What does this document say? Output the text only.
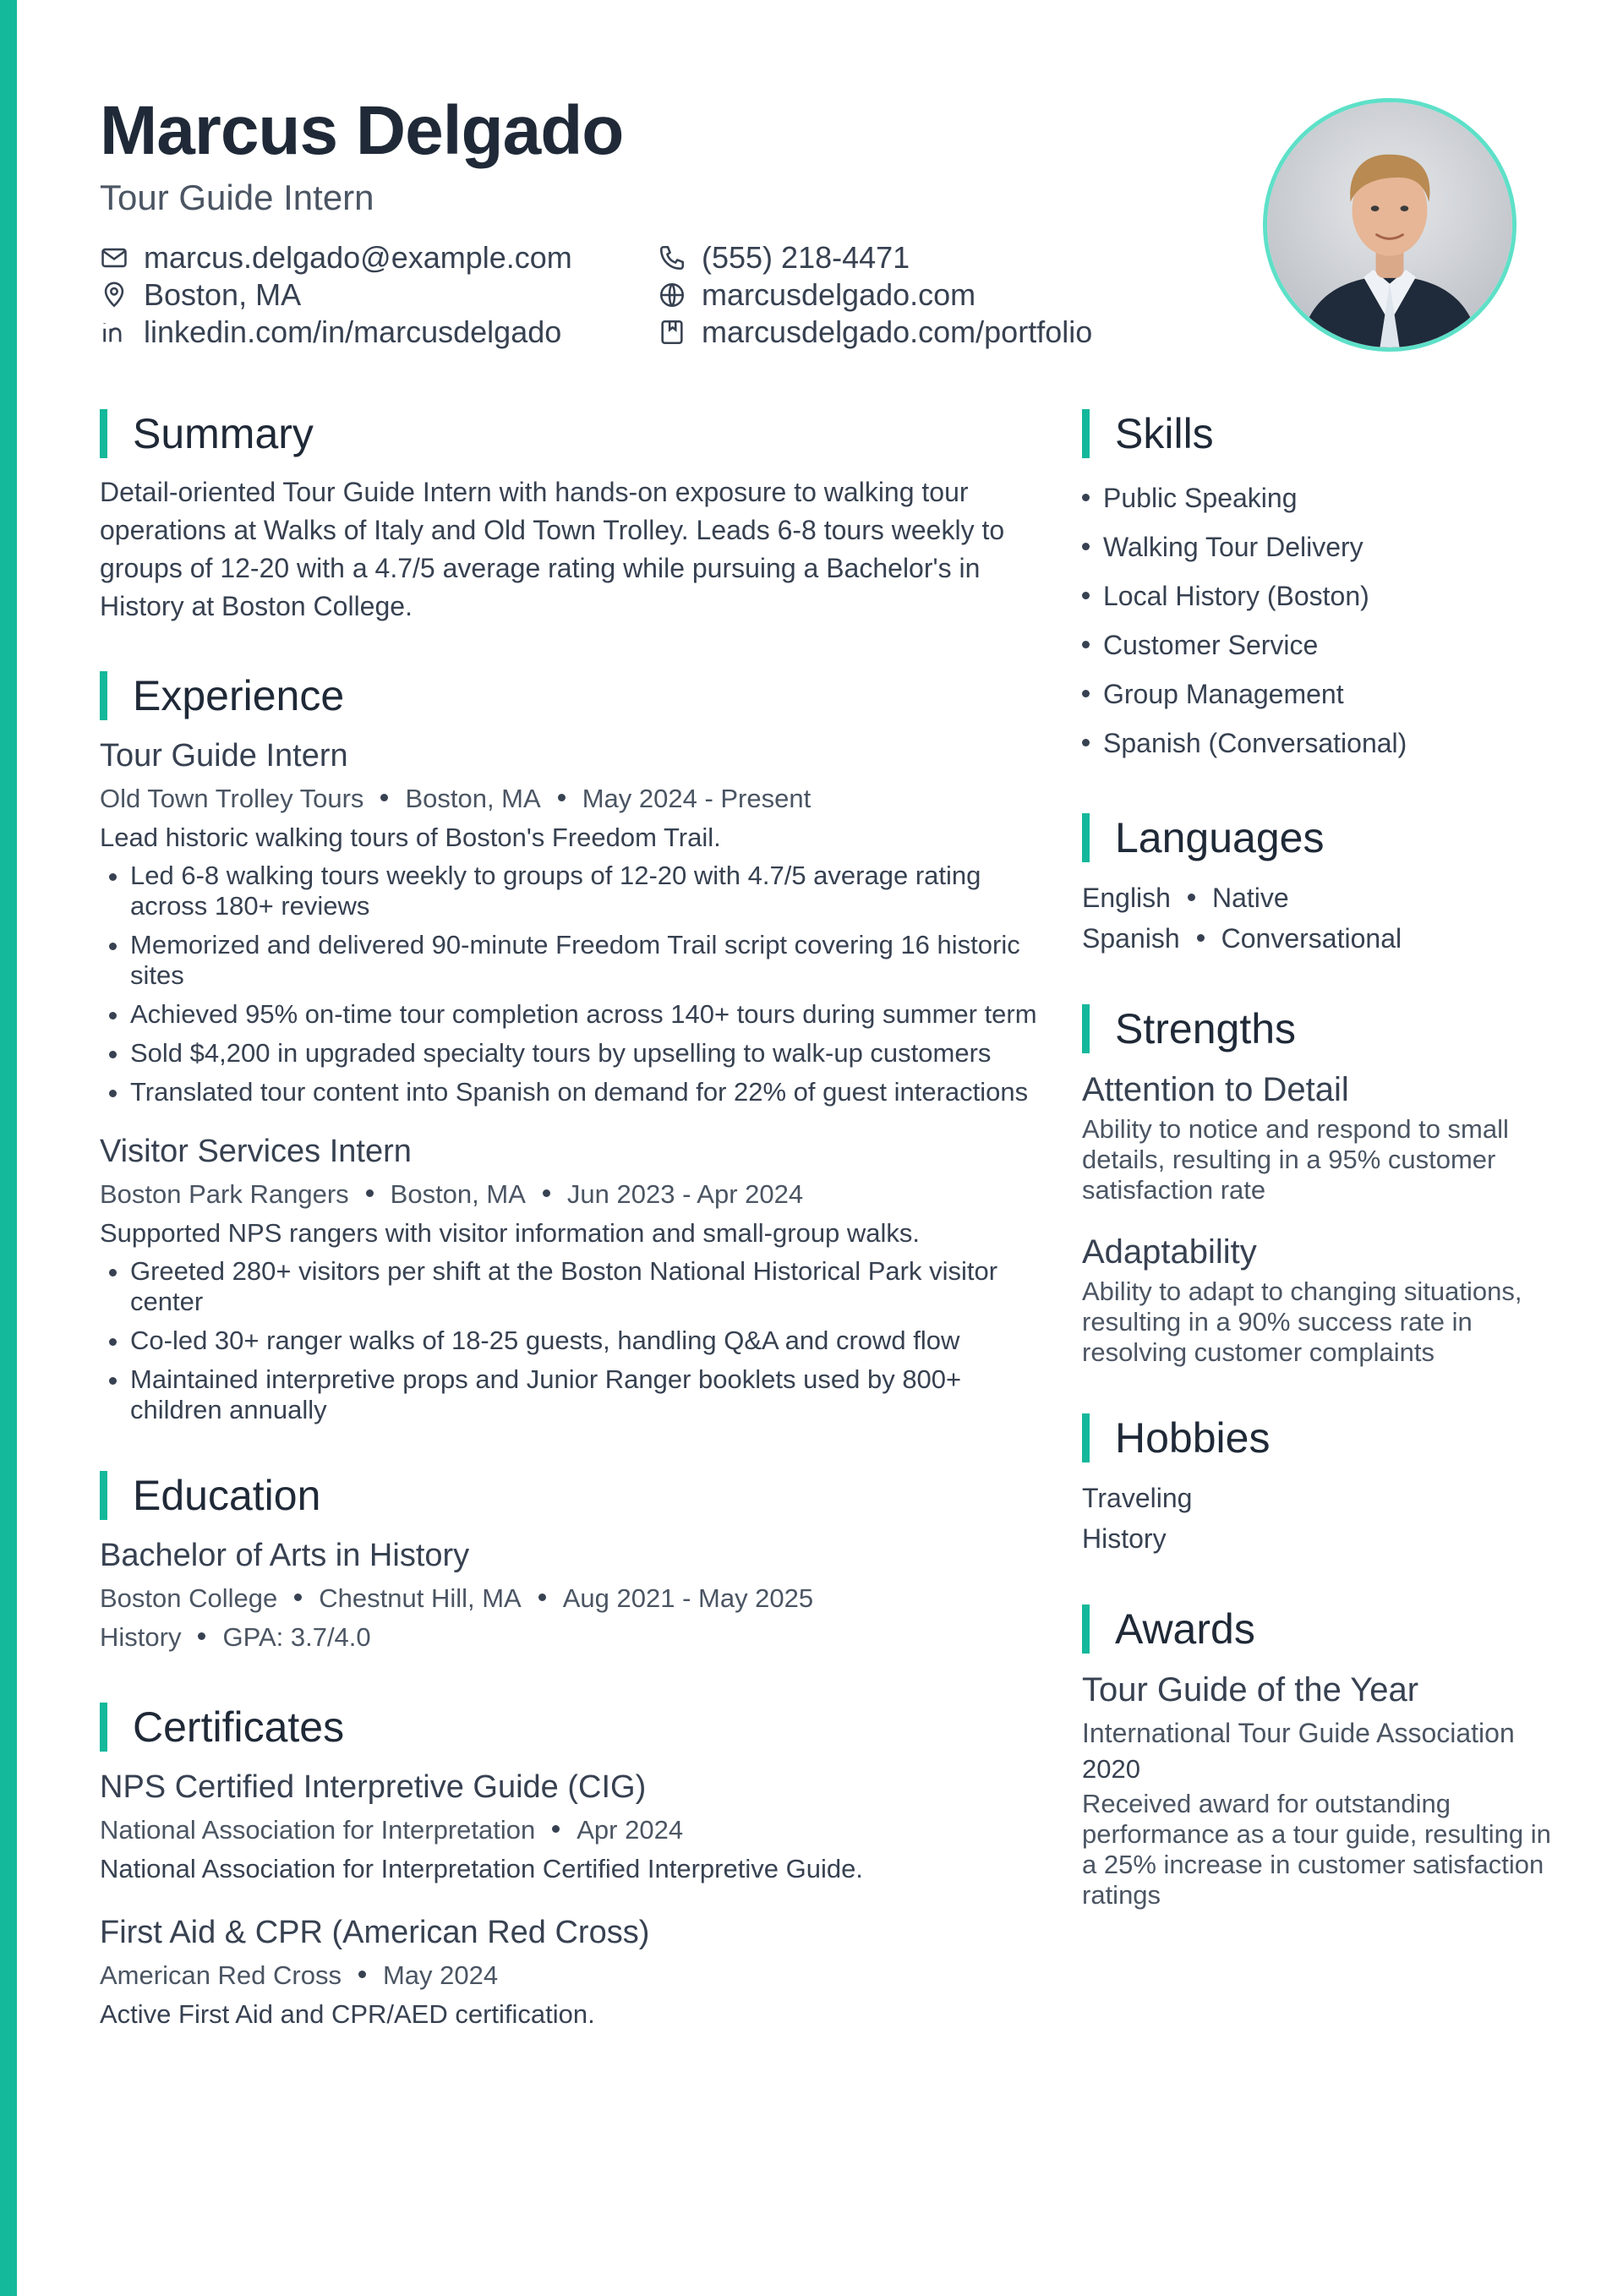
Marcus Delgado
Tour Guide Intern
marcus.delgado@example.com	(555) 218-4471
Boston, MA	marcusdelgado.com
linkedin.com/in/marcusdelgado	marcusdelgado.com/portfolio
Summary

Detail-oriented Tour Guide Intern with hands-on exposure to walking tour operations at Walks of Italy and Old Town Trolley. Leads 6-8 tours weekly to groups of 12-20 with a 4.7/5 average rating while pursuing a Bachelor's in History at Boston College.

Experience
Tour Guide Intern
Old Town Trolley Tours Boston, MA May 2024 - Present
Lead historic walking tours of Boston's Freedom Trail.
• Led 6-8 walking tours weekly to groups of 12-20 with 4.7/5 average rating across 180+ reviews
• Memorized and delivered 90-minute Freedom Trail script covering 16 historic sites
• Achieved 95% on-time tour completion across 140+ tours during summer term
• Sold $4,200 in upgraded specialty tours by upselling to walk-up customers
• Translated tour content into Spanish on demand for 22% of guest interactions
Visitor Services Intern
Boston Park Rangers Boston, MA Jun 2023 - Apr 2024
Supported NPS rangers with visitor information and small-group walks.
• Greeted 280+ visitors per shift at the Boston National Historical Park visitor center
• Co-led 30+ ranger walks of 18-25 guests, handling Q&A and crowd flow
• Maintained interpretive props and Junior Ranger booklets used by 800+ children annually
Education
Bachelor of Arts in History
Boston College Chestnut Hill, MA Aug 2021 - May 2025
History GPA: 3.7/4.0
Certificates
NPS Certified Interpretive Guide (CIG)
National Association for Interpretation Apr 2024
National Association for Interpretation Certified Interpretive Guide.
First Aid & CPR (American Red Cross)
American Red Cross May 2024
Active First Aid and CPR/AED certification.
Skills
Public Speaking
Walking Tour Delivery
Local History (Boston)
Customer Service
Group Management
Spanish (Conversational)
Languages
English Native
Spanish Conversational
Strengths
Attention to Detail
Ability to notice and respond to small details, resulting in a 95% customer satisfaction rate
Adaptability
Ability to adapt to changing situations, resulting in a 90% success rate in resolving customer complaints
Hobbies
Traveling
History
Awards
Tour Guide of the Year
International Tour Guide Association
2020
Received award for outstanding performance as a tour guide, resulting in a 25% increase in customer satisfaction ratings
